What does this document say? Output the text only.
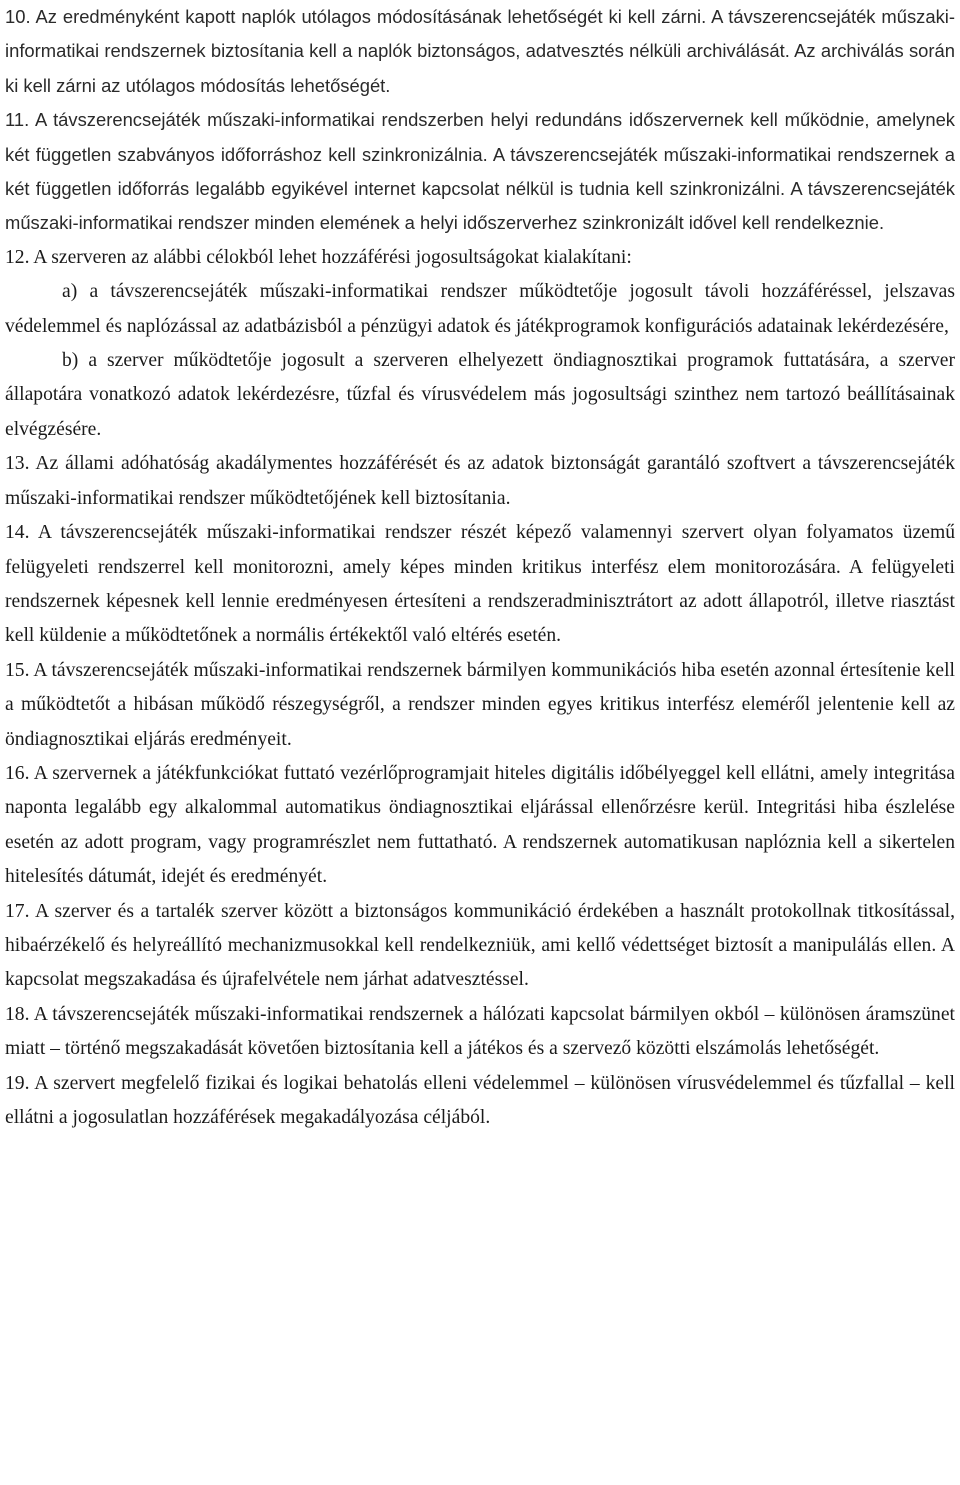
10. Az eredményként kapott naplók utólagos módosításának lehetőségét ki kell zárni. A távszerencsejáték műszaki-informatikai rendszernek biztosítania kell a naplók biztonságos, adatvesztés nélküli archiválását. Az archiválás során ki kell zárni az utólagos módosítás lehetőségét.

11. A távszerencsejáték műszaki-informatikai rendszerben helyi redundáns időszervernek kell működnie, amelynek két független szabványos időforráshoz kell szinkronizálnia. A távszerencsejáték műszaki-informatikai rendszernek a két független időforrás legalább egyikével internet kapcsolat nélkül is tudnia kell szinkronizálni. A távszerencsejáték műszaki-informatikai rendszer minden elemének a helyi időszerverhez szinkronizált idővel kell rendelkeznie.

12. A szerveren az alábbi célokból lehet hozzáférési jogosultságokat kialakítani:

a) a távszerencsejáték műszaki-informatikai rendszer működtetője jogosult távoli hozzáféréssel, jelszavas védelemmel és naplózással az adatbázisból a pénzügyi adatok és játékprogramok konfigurációs adatainak lekérdezésére,

b) a szerver működtetője jogosult a szerveren elhelyezett öndiagnosztikai programok futtatására, a szerver állapotára vonatkozó adatok lekérdezésre, tűzfal és vírusvédelem más jogosultsági szinthez nem tartozó beállításainak elvégzésére.

13. Az állami adóhatóság akadálymentes hozzáférését és az adatok biztonságát garantáló szoftvert a távszerencsejáték műszaki-informatikai rendszer működtetőjének kell biztosítania.

14. A távszerencsejáték műszaki-informatikai rendszer részét képező valamennyi szervert olyan folyamatos üzemű felügyeleti rendszerrel kell monitorozni, amely képes minden kritikus interfész elem monitorozására. A felügyeleti rendszernek képesnek kell lennie eredményesen értesíteni a rendszeradminisztrátort az adott állapotról, illetve riasztást kell küldenie a működtetőnek a normális értékektől való eltérés esetén.

15. A távszerencsejáték műszaki-informatikai rendszernek bármilyen kommunikációs hiba esetén azonnal értesítenie kell a működtetőt a hibásan működő részegységről, a rendszer minden egyes kritikus interfész eleméről jelentenie kell az öndiagnosztikai eljárás eredményeit.

16. A szervernek a játékfunkciókat futtató vezérlőprogramjait hiteles digitális időbélyeggel kell ellátni, amely integritása naponta legalább egy alkalommal automatikus öndiagnosztikai eljárással ellenőrzésre kerül. Integritási hiba észlelése esetén az adott program, vagy programrészlet nem futtatható. A rendszernek automatikusan naplóznia kell a sikertelen hitelesítés dátumát, idejét és eredményét.

17. A szerver és a tartalék szerver között a biztonságos kommunikáció érdekében a használt protokollnak titkosítással, hibaérzékelő és helyreállító mechanizmusokkal kell rendelkezniük, ami kellő védettséget biztosít a manipulálás ellen. A kapcsolat megszakadása és újrafelvétele nem járhat adatvesztéssel.

18. A távszerencsejáték műszaki-informatikai rendszernek a hálózati kapcsolat bármilyen okból – különösen áramszünet miatt – történő megszakadását követően biztosítania kell a játékos és a szervező közötti elszámolás lehetőségét.

19. A szervert megfelelő fizikai és logikai behatolás elleni védelemmel – különösen vírusvédelemmel és tűzfallal – kell ellátni a jogosulatlan hozzáférések megakadályozása céljából.
